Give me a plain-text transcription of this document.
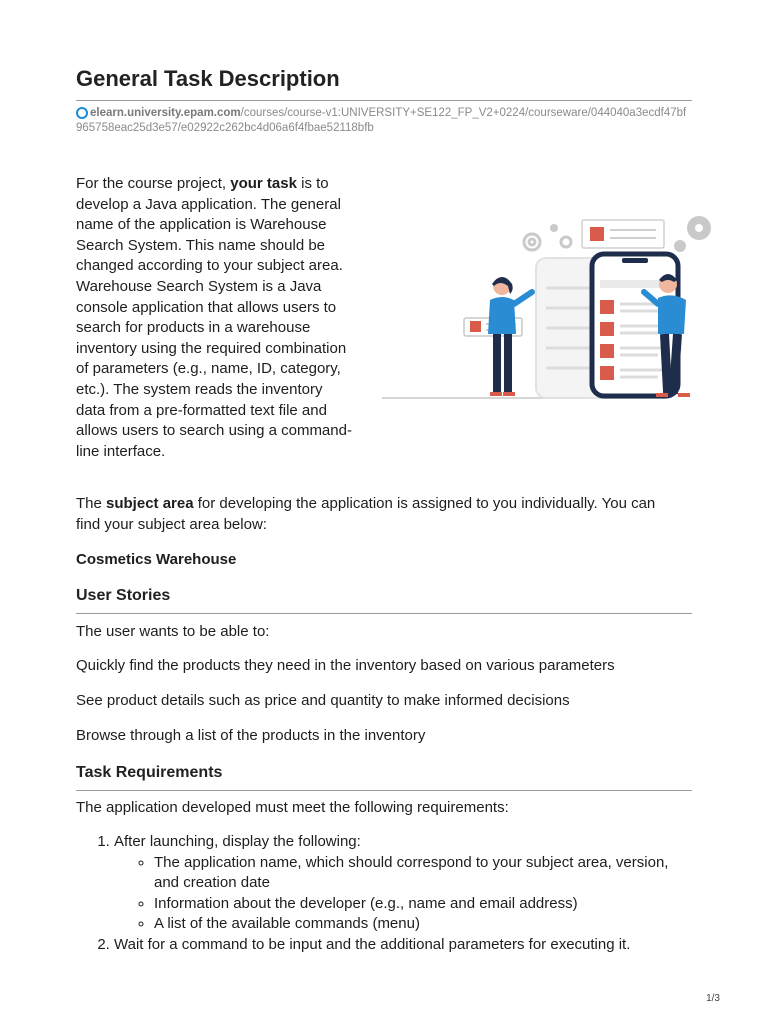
General Task Description
elearn.university.epam.com/courses/course-v1:UNIVERSITY+SE122_FP_V2+0224/courseware/044040a3ecdf47bf965758eac25d3e57/e02922c262bc4d06a6f4fbae52118bfb

For the course project, your task is to develop a Java application. The general name of the application is Warehouse Search System. This name should be changed according to your subject area. Warehouse Search System is a Java console application that allows users to search for products in a warehouse inventory using the required combination of parameters (e.g., name, ID, category, etc.). The system reads the inventory data from a pre-formatted text file and allows users to search using a command-line interface.

The subject area for developing the application is assigned to you individually. You can find your subject area below:

Cosmetics Warehouse

User Stories

The user wants to be able to:

Quickly find the products they need in the inventory based on various parameters

See product details such as price and quantity to make informed decisions

Browse through a list of the products in the inventory

Task Requirements

The application developed must meet the following requirements:

1. After launching, display the following:
◦ The application name, which should correspond to your subject area, version, and creation date
◦ Information about the developer (e.g., name and email address)
◦ A list of the available commands (menu)
2. Wait for a command to be input and the additional parameters for executing it.
1/3
